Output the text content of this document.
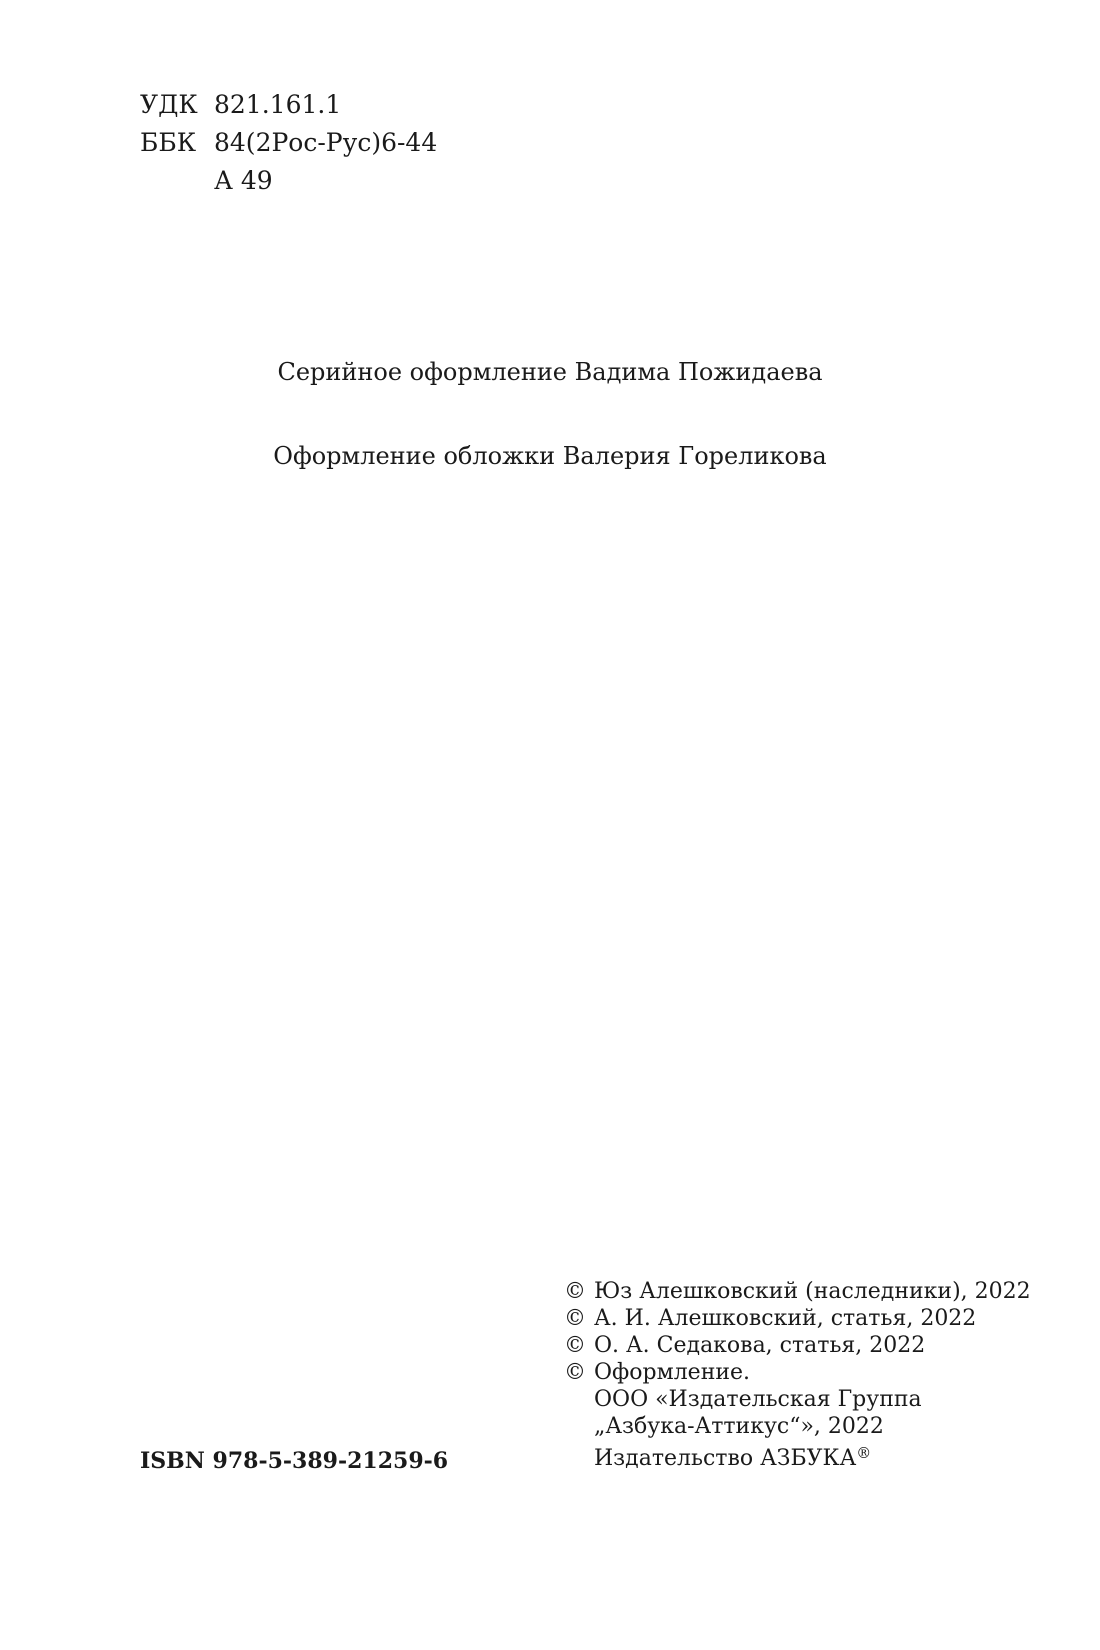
УДК 821.161.1
ББК 84(2Рос-Рус)6-44
А 49
Серийное оформление Вадима Пожидаева
Оформление обложки Валерия Гореликова
ISBN 978-5-389-21259-6
© Юз Алешковский (наследники), 2022
© А. И. Алешковский, статья, 2022
© О. А. Седакова, статья, 2022
© Оформление.
ООО «Издательская Группа
„Азбука-Аттикус“», 2022
Издательство АЗБУКА®
